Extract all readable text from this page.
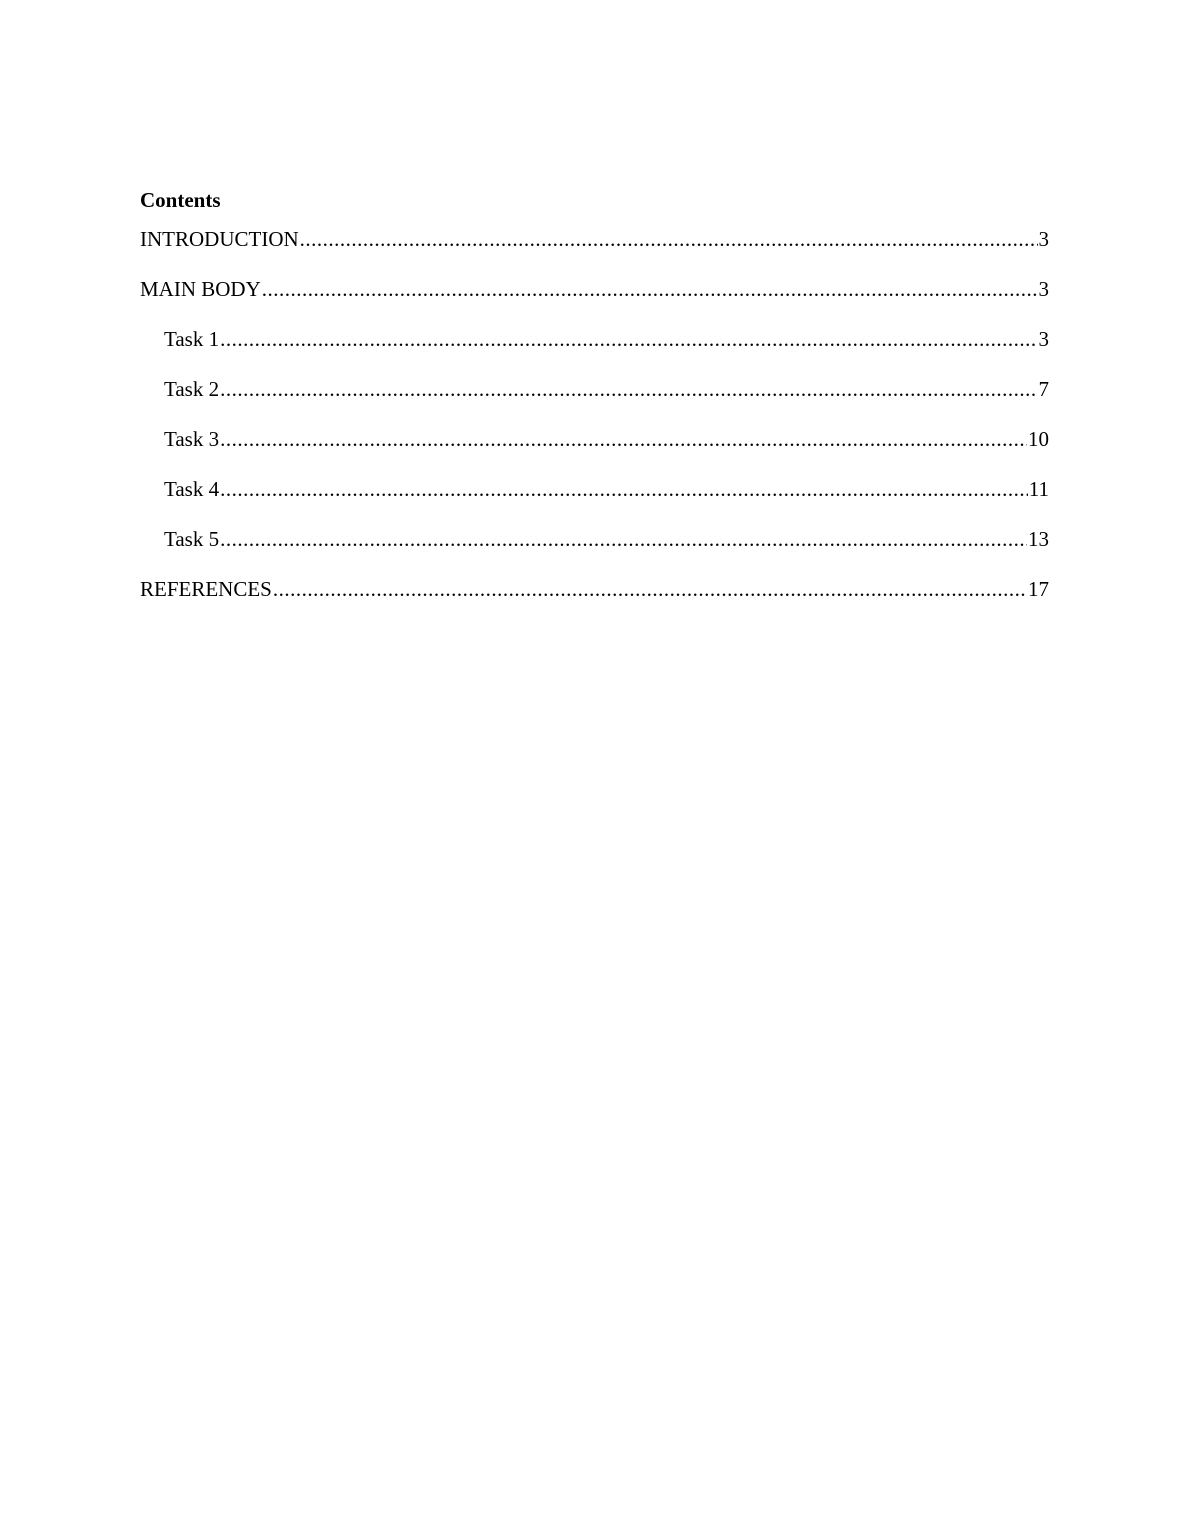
Contents
INTRODUCTION .....	3
MAIN BODY .....	3
Task 1 .....	3
Task 2 .....	7
Task 3 .....	10
Task 4 .....	11
Task 5 .....	13
REFERENCES .....	17
